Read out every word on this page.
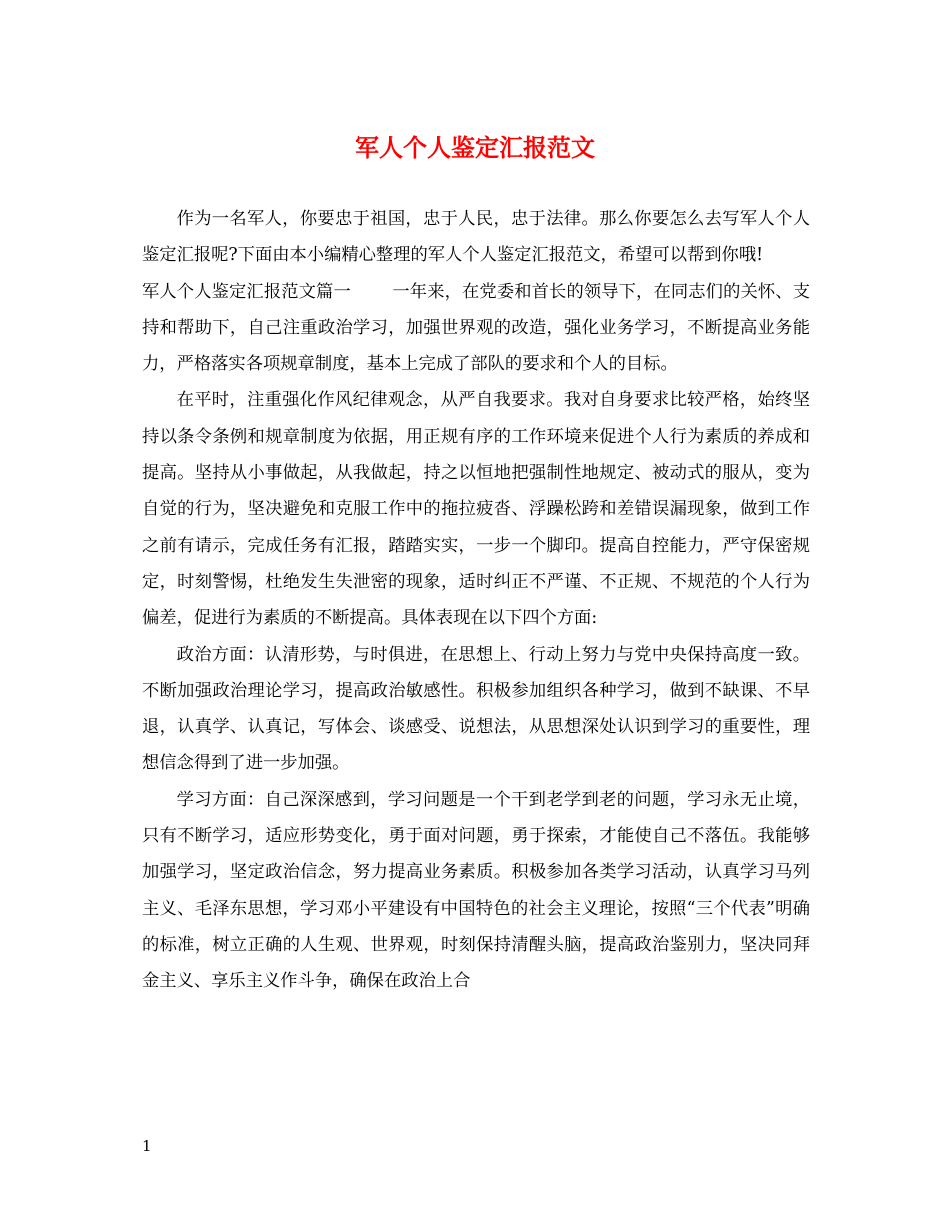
军人个人鉴定汇报范文

作为一名军人，你要忠于祖国，忠于人民，忠于法律。那么你要怎么去写军人个人鉴定汇报呢?下面由本小编精心整理的军人个人鉴定汇报范文，希望可以帮到你哦!

军人个人鉴定汇报范文篇一 一年来，在党委和首长的领导下，在同志们的关怀、支持和帮助下，自己注重政治学习，加强世界观的改造，强化业务学习，不断提高业务能力，严格落实各项规章制度，基本上完成了部队的要求和个人的目标。

在平时，注重强化作风纪律观念，从严自我要求。我对自身要求比较严格，始终坚持以条令条例和规章制度为依据，用正规有序的工作环境来促进个人行为素质的养成和提高。坚持从小事做起，从我做起，持之以恒地把强制性地规定、被动式的服从，变为自觉的行为，坚决避免和克服工作中的拖拉疲沓、浮躁松跨和差错误漏现象，做到工作之前有请示，完成任务有汇报，踏踏实实，一步一个脚印。提高自控能力，严守保密规定，时刻警惕，杜绝发生失泄密的现象，适时纠正不严谨、不正规、不规范的个人行为偏差，促进行为素质的不断提高。具体表现在以下四个方面:

政治方面：认清形势，与时俱进，在思想上、行动上努力与党中央保持高度一致。不断加强政治理论学习，提高政治敏感性。积极参加组织各种学习，做到不缺课、不早退，认真学、认真记，写体会、谈感受、说想法，从思想深处认识到学习的重要性，理想信念得到了进一步加强。

学习方面：自己深深感到，学习问题是一个干到老学到老的问题，学习永无止境，只有不断学习，适应形势变化，勇于面对问题，勇于探索，才能使自己不落伍。我能够加强学习，坚定政治信念，努力提高业务素质。积极参加各类学习活动，认真学习马列主义、毛泽东思想，学习邓小平建设有中国特色的社会主义理论，按照“三个代表”明确的标准，树立正确的人生观、世界观，时刻保持清醒头脑，提高政治鉴别力，坚决同拜金主义、享乐主义作斗争，确保在政治上合

1
